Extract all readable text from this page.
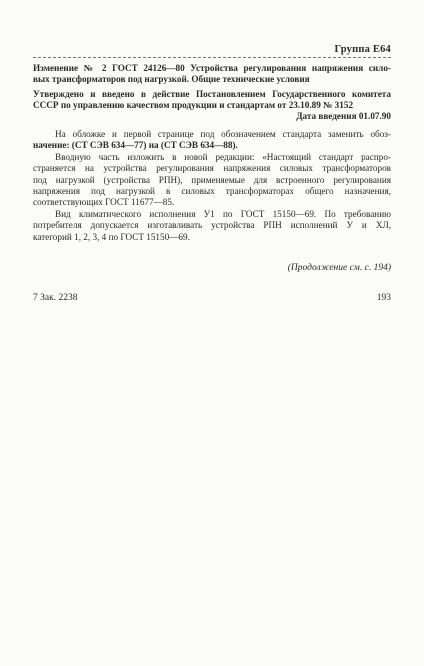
Группа Е64
Изменение № 2 ГОСТ 24126—80 Устройства регулирования напряжения сило-
вых трансформаторов под нагрузкой. Общие технические условия
Утверждено и введено в действие Постановлением Государственного комитета
СССР по управлению качеством продукции и стандартам от 23.10.89 № 3152
Дата введения 01.07.90
На обложке и первой странице под обозначением стандарта заменить обоз-
начение: (СТ СЭВ 634—77) на (СТ СЭВ 634—88).
Вводную часть изложить в новой редакции: «Настоящий стандарт распро-
страняется на устройства регулирования напряжения силовых трансформаторов
под нагрузкой (устройства РПН), применяемые для встроенного регулирования
напряжения под нагрузкой в силовых трансформаторах общего назначения,
соответствующих ГОСТ 11677—85.
Вид климатического исполнения У1 по ГОСТ 15150—69. По требованию
потребителя допускается изготавливать устройства РПН исполнений У и ХЛ,
категорий 1, 2, 3, 4 по ГОСТ 15150—69.
(Продолжение см. с. 194)
7 Зак. 2238	193
